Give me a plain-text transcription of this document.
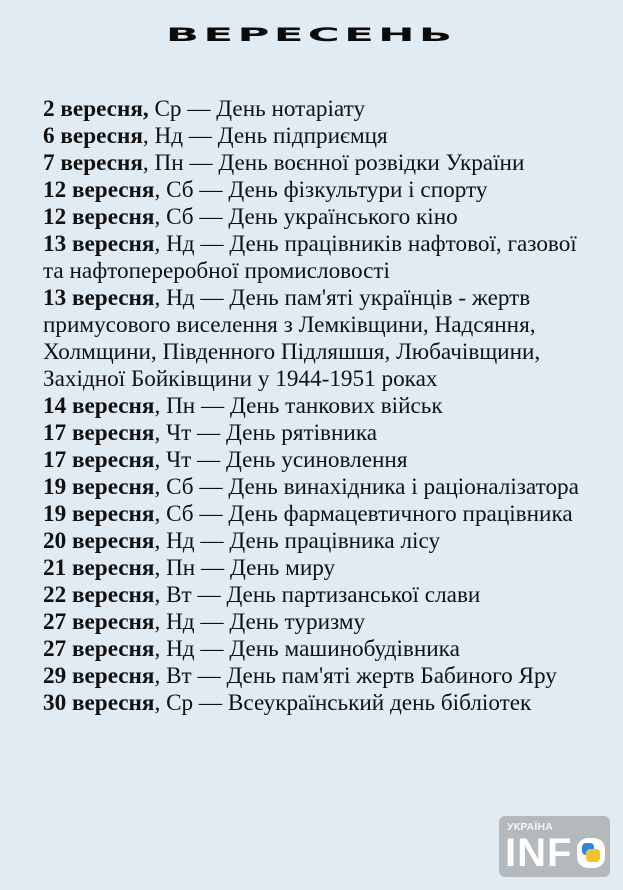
ВЕРЕСЕНЬ
2 вересня, Ср — День нотаріату
6 вересня, Нд — День підприємця
7 вересня, Пн — День воєнної розвідки України
12 вересня, Сб — День фізкультури і спорту
12 вересня, Сб — День українського кіно
13 вересня, Нд — День працівників нафтової, газової та нафтопереробної промисловості
13 вересня, Нд — День пам'яті українців - жертв примусового виселення з Лемківщини, Надсяння, Холмщини, Південного Підляшшя, Любачівщини, Західної Бойківщини у 1944-1951 роках
14 вересня, Пн — День танкових військ
17 вересня, Чт — День рятівника
17 вересня, Чт — День усиновлення
19 вересня, Сб — День винахідника і раціоналізатора
19 вересня, Сб — День фармацевтичного працівника
20 вересня, Нд — День працівника лісу
21 вересня, Пн — День миру
22 вересня, Вт — День партизанської слави
27 вересня, Нд — День туризму
27 вересня, Нд — День машинобудівника
29 вересня, Вт — День пам'яті жертв Бабиного Яру
30 вересня, Ср — Всеукраїнський день бібліотек
УКРАЇНА
INF
